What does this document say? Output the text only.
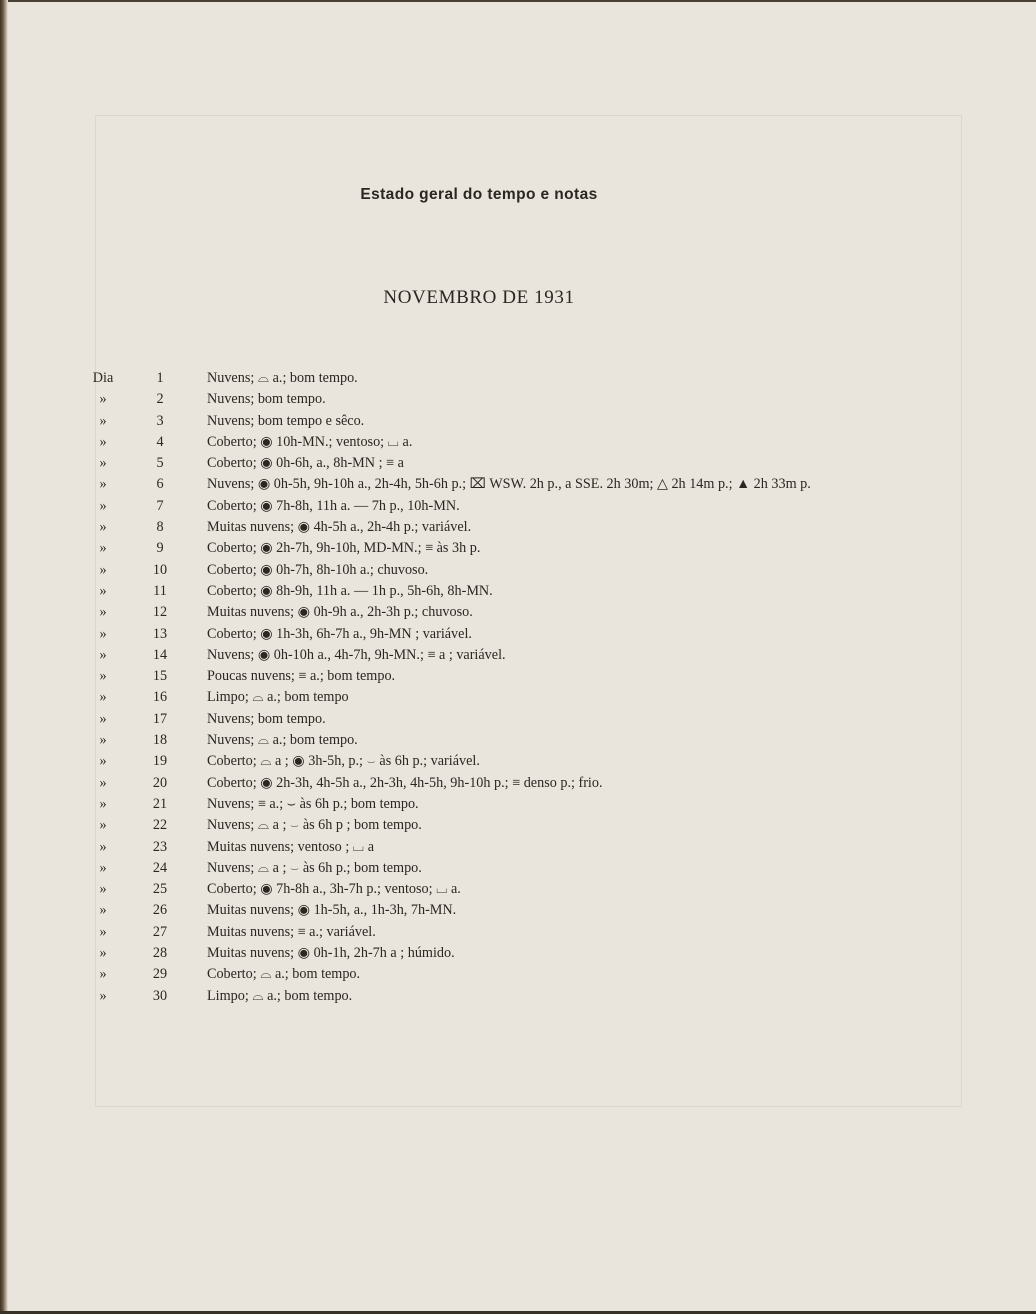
Estado geral do tempo e notas
NOVEMBRO DE 1931
Dia	1	Nuvens; ⌓ a.; bom tempo.
»	2	Nuvens; bom tempo.
»	3	Nuvens; bom tempo e sêco.
»	4	Coberto; ◉ 10h-MN.; ventoso; ⌴ a.
»	5	Coberto; ◉ 0h-6h, a., 8h-MN ; ≡ a
»	6	Nuvens; ◉ 0h-5h, 9h-10h a., 2h-4h, 5h-6h p.; ⌧ WSW. 2h p., a SSE. 2h 30m; △ 2h 14m p.; ▲ 2h 33m p.
»	7	Coberto; ◉ 7h-8h, 11h a. — 7h p., 10h-MN.
»	8	Muitas nuvens; ◉ 4h-5h a., 2h-4h p.; variável.
»	9	Coberto; ◉ 2h-7h, 9h-10h, MD-MN.; ≡ às 3h p.
»	10	Coberto; ◉ 0h-7h, 8h-10h a.; chuvoso.
»	11	Coberto; ◉ 8h-9h, 11h a. — 1h p., 5h-6h, 8h-MN.
»	12	Muitas nuvens; ◉ 0h-9h a., 2h-3h p.; chuvoso.
»	13	Coberto; ◉ 1h-3h, 6h-7h a., 9h-MN ; variável.
»	14	Nuvens; ◉ 0h-10h a., 4h-7h, 9h-MN.; ≡ a ; variável.
»	15	Poucas nuvens; ≡ a.; bom tempo.
»	16	Limpo; ⌓ a.; bom tempo
»	17	Nuvens; bom tempo.
»	18	Nuvens; ⌓ a.; bom tempo.
»	19	Coberto; ⌓ a ; ◉ 3h-5h, p.; ⌣ às 6h p.; variável.
»	20	Coberto; ◉ 2h-3h, 4h-5h a., 2h-3h, 4h-5h, 9h-10h p.; ≡ denso p.; frio.
»	21	Nuvens; ≡ a.; ⌣ às 6h p.; bom tempo.
»	22	Nuvens; ⌓ a ; ⌣ às 6h p ; bom tempo.
»	23	Muitas nuvens; ventoso ; ⌴ a
»	24	Nuvens; ⌓ a ; ⌣ às 6h p.; bom tempo.
»	25	Coberto; ◉ 7h-8h a., 3h-7h p.; ventoso; ⌴ a.
»	26	Muitas nuvens; ◉ 1h-5h, a., 1h-3h, 7h-MN.
»	27	Muitas nuvens; ≡ a.; variável.
»	28	Muitas nuvens; ◉ 0h-1h, 2h-7h a ; húmido.
»	29	Coberto; ⌓ a.; bom tempo.
»	30	Limpo; ⌓ a.; bom tempo.
